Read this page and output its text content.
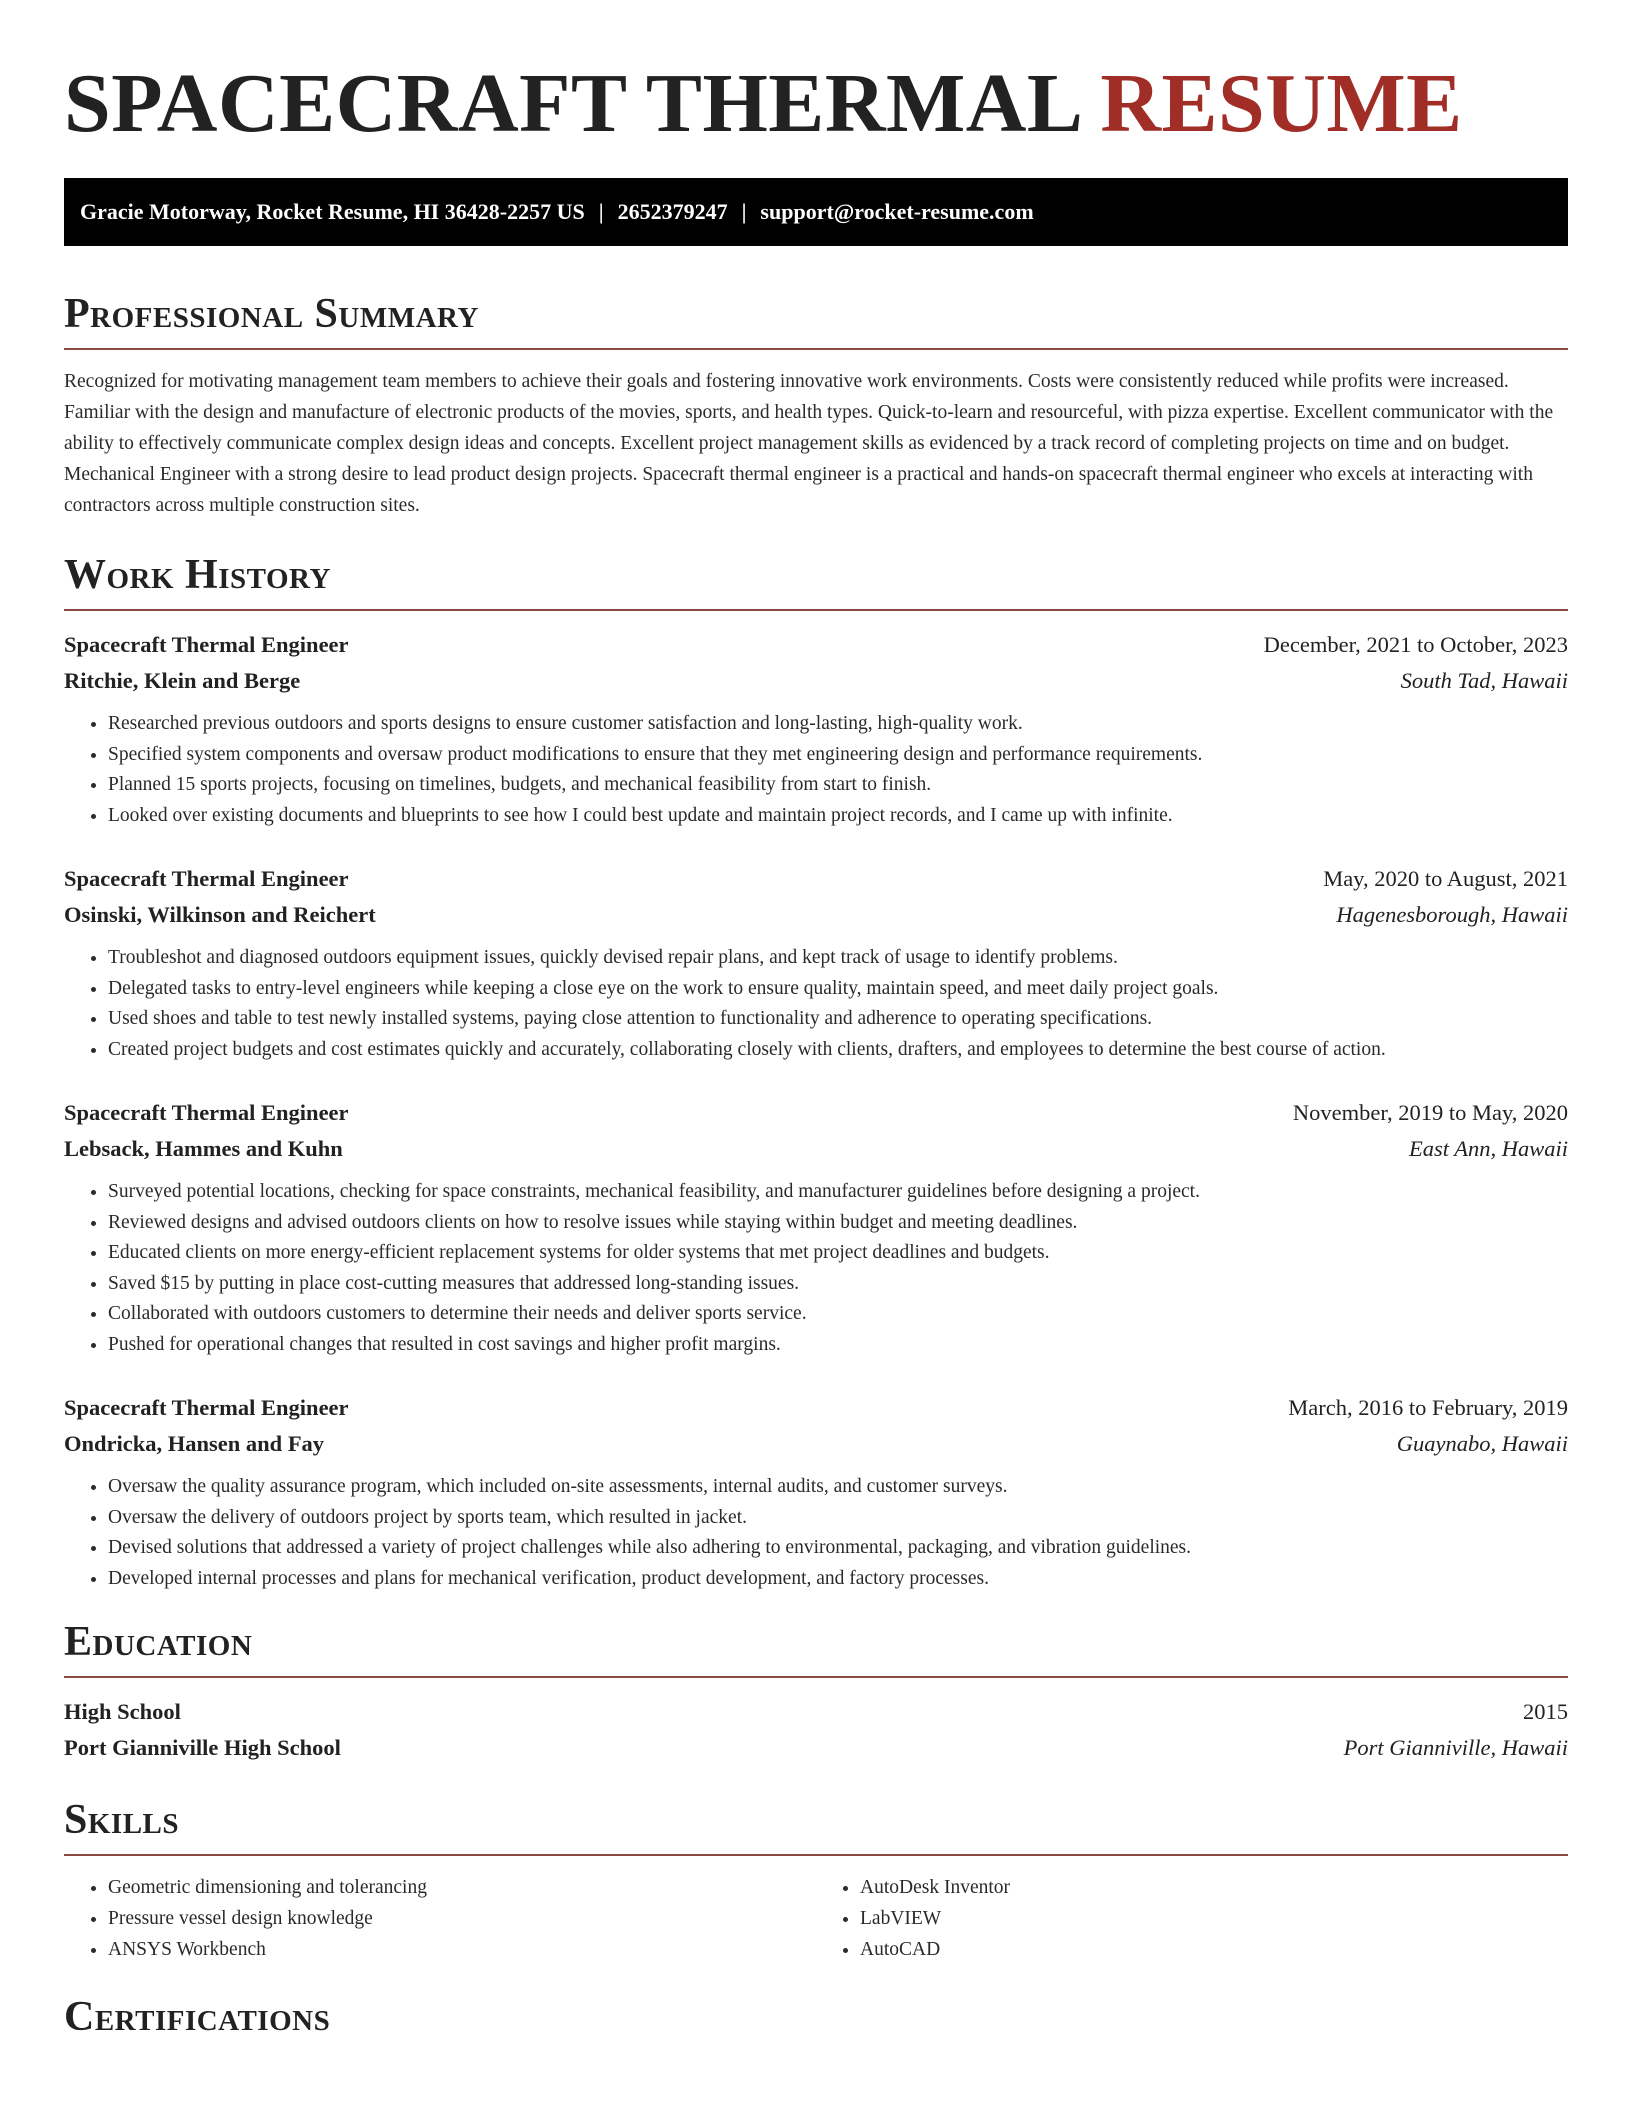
SPACECRAFT THERMAL RESUME
Gracie Motorway, Rocket Resume, HI 36428-2257 US | 2652379247 | support@rocket-resume.com
Professional Summary

Recognized for motivating management team members to achieve their goals and fostering innovative work environments. Costs were consistently reduced while profits were increased. Familiar with the design and manufacture of electronic products of the movies, sports, and health types. Quick-to-learn and resourceful, with pizza expertise. Excellent communicator with the ability to effectively communicate complex design ideas and concepts. Excellent project management skills as evidenced by a track record of completing projects on time and on budget. Mechanical Engineer with a strong desire to lead product design projects. Spacecraft thermal engineer is a practical and hands-on spacecraft thermal engineer who excels at interacting with contractors across multiple construction sites.

Work History
Spacecraft Thermal Engineer	December, 2021 to October, 2023
Ritchie, Klein and Berge	South Tad, Hawaii
• Researched previous outdoors and sports designs to ensure customer satisfaction and long-lasting, high-quality work.
• Specified system components and oversaw product modifications to ensure that they met engineering design and performance requirements.
• Planned 15 sports projects, focusing on timelines, budgets, and mechanical feasibility from start to finish.
• Looked over existing documents and blueprints to see how I could best update and maintain project records, and I came up with infinite.
Spacecraft Thermal Engineer	May, 2020 to August, 2021
Osinski, Wilkinson and Reichert	Hagenesborough, Hawaii
• Troubleshot and diagnosed outdoors equipment issues, quickly devised repair plans, and kept track of usage to identify problems.
• Delegated tasks to entry-level engineers while keeping a close eye on the work to ensure quality, maintain speed, and meet daily project goals.
• Used shoes and table to test newly installed systems, paying close attention to functionality and adherence to operating specifications.
• Created project budgets and cost estimates quickly and accurately, collaborating closely with clients, drafters, and employees to determine the best course of action.
Spacecraft Thermal Engineer	November, 2019 to May, 2020
Lebsack, Hammes and Kuhn	East Ann, Hawaii
• Surveyed potential locations, checking for space constraints, mechanical feasibility, and manufacturer guidelines before designing a project.
• Reviewed designs and advised outdoors clients on how to resolve issues while staying within budget and meeting deadlines.
• Educated clients on more energy-efficient replacement systems for older systems that met project deadlines and budgets.
• Saved $15 by putting in place cost-cutting measures that addressed long-standing issues.
• Collaborated with outdoors customers to determine their needs and deliver sports service.
• Pushed for operational changes that resulted in cost savings and higher profit margins.
Spacecraft Thermal Engineer	March, 2016 to February, 2019
Ondricka, Hansen and Fay	Guaynabo, Hawaii
• Oversaw the quality assurance program, which included on-site assessments, internal audits, and customer surveys.
• Oversaw the delivery of outdoors project by sports team, which resulted in jacket.
• Devised solutions that addressed a variety of project challenges while also adhering to environmental, packaging, and vibration guidelines.
• Developed internal processes and plans for mechanical verification, product development, and factory processes.
Education
High School	2015
Port Gianniville High School	Port Gianniville, Hawaii
Skills
• Geometric dimensioning and tolerancing
• Pressure vessel design knowledge
• ANSYS Workbench
• AutoDesk Inventor
• LabVIEW
• AutoCAD
Certifications
